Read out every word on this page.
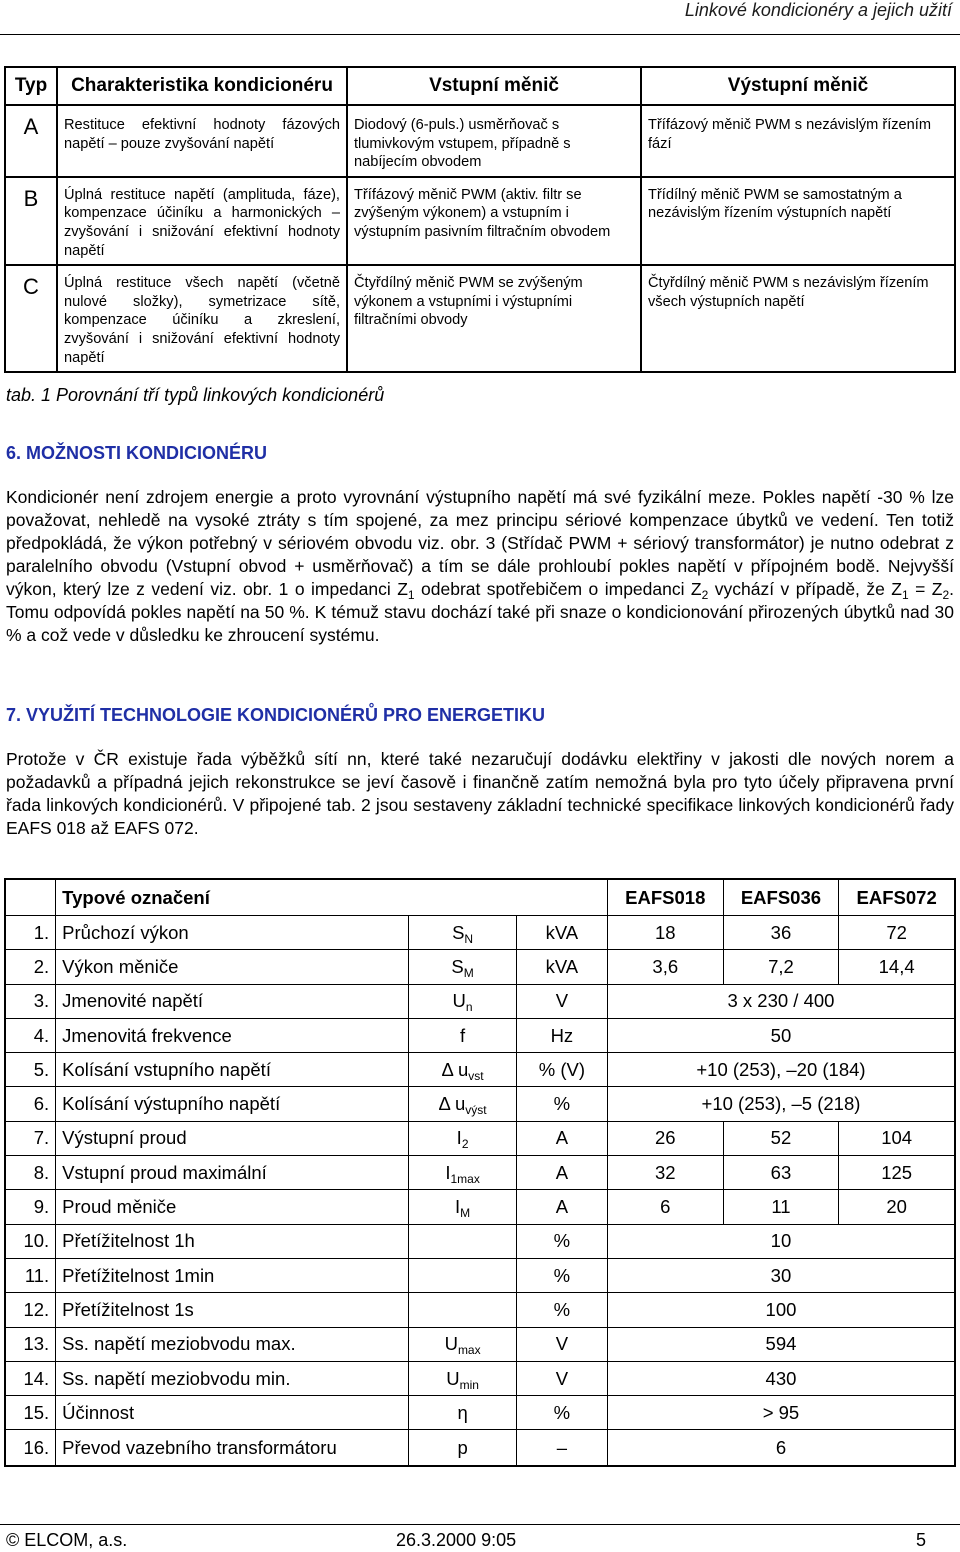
Linkové kondicionéry a jejich užití
Typ	Charakteristika kondicionéru	Vstupní měnič	Výstupní měnič
A	Restituce efektivní hodnoty fázových napětí – pouze zvyšování napětí	Diodový (6-puls.) usměrňovač s tlumivkovým vstupem, případně s nabíjecím obvodem	Třífázový měnič PWM s nezávislým řízením fází
B	Úplná restituce napětí (amplituda, fáze), kompenzace účiníku a harmonických – zvyšování i snižování efektivní hodnoty napětí	Třífázový měnič PWM (aktiv. filtr se zvýšeným výkonem) a vstupním i výstupním pasivním filtračním obvodem	Třídílný měnič PWM se samostatným a nezávislým řízením výstupních napětí
C	Úplná restituce všech napětí (včetně nulové složky), symetrizace sítě, kompenzace účiníku a zkreslení, zvyšování i snižování efektivní hodnoty napětí	Čtyřdílný měnič PWM se zvýšeným výkonem a vstupními i výstupními filtračními obvody	Čtyřdílný měnič PWM s nezávislým řízením všech výstupních napětí
tab. 1 Porovnání tří typů linkových kondicionérů
6. MOŽNOSTI KONDICIONÉRU

Kondicionér není zdrojem energie a proto vyrovnání výstupního napětí má své fyzikální meze. Pokles napětí -30 % lze považovat, nehledě na vysoké ztráty s tím spojené, za mez principu sériové kompenzace úbytků ve vedení. Ten totiž předpokládá, že výkon potřebný v sériovém obvodu viz. obr. 3 (Střídač PWM + sériový transformátor) je nutno odebrat z paralelního obvodu (Vstupní obvod + usměrňovač) a tím se dále prohloubí pokles napětí v přípojném bodě. Nejvyšší výkon, který lze z vedení viz. obr. 1 o impedanci $Z_1$ odebrat spotřebičem o impedanci $Z_2$ vychází v případě, že $Z_1 = Z_2$. Tomu odpovídá pokles napětí na 50 %. K témuž stavu dochází také při snaze o kondicionování přirozených úbytků nad 30 % a což vede v důsledku ke zhroucení systému.

7. VYUŽITÍ TECHNOLOGIE KONDICIONÉRŮ PRO ENERGETIKU

Protože v ČR existuje řada výběžků sítí nn, které také nezaručují dodávku elektřiny v jakosti dle nových norem a požadavků a případná jejich rekonstrukce se jeví časově i finančně zatím nemožná byla pro tyto účely připravena první řada linkových kondicionérů. V připojené tab. 2 jsou sestaveny základní technické specifikace linkových kondicionérů řady EAFS 018 až EAFS 072.

	Typové označení			EAFS018	EAFS036	EAFS072
1.	Průchozí výkon	$S_N$	kVA	18	36	72
2.	Výkon měniče	$S_M$	kVA	3,6	7,2	14,4
3.	Jmenovité napětí	$U_n$	V	3 x 230 / 400		
4.	Jmenovitá frekvence	f	Hz	50		
5.	Kolísání vstupního napětí	Δ $u_{vst}$	% (V)	+10 (253), –20 (184)		
6.	Kolísání výstupního napětí	Δ $u_{výst}$	%	+10 (253), –5 (218)		
7.	Výstupní proud	$I_2$	A	26	52	104
8.	Vstupní proud maximální	$I_{1max}$	A	32	63	125
9.	Proud měniče	$I_M$	A	6	11	20
10.	Přetížitelnost 1h		%	10		
11.	Přetížitelnost 1min		%	30		
12.	Přetížitelnost 1s		%	100		
13.	Ss. napětí meziobvodu max.	$U_{max}$	V	594		
14.	Ss. napětí meziobvodu min.	$U_{min}$	V	430		
15.	Účinnost	η	%	> 95		
16.	Převod vazebního transformátoru	p	–	6		
© ELCOM, a.s.	26.3.2000 9:05	5
